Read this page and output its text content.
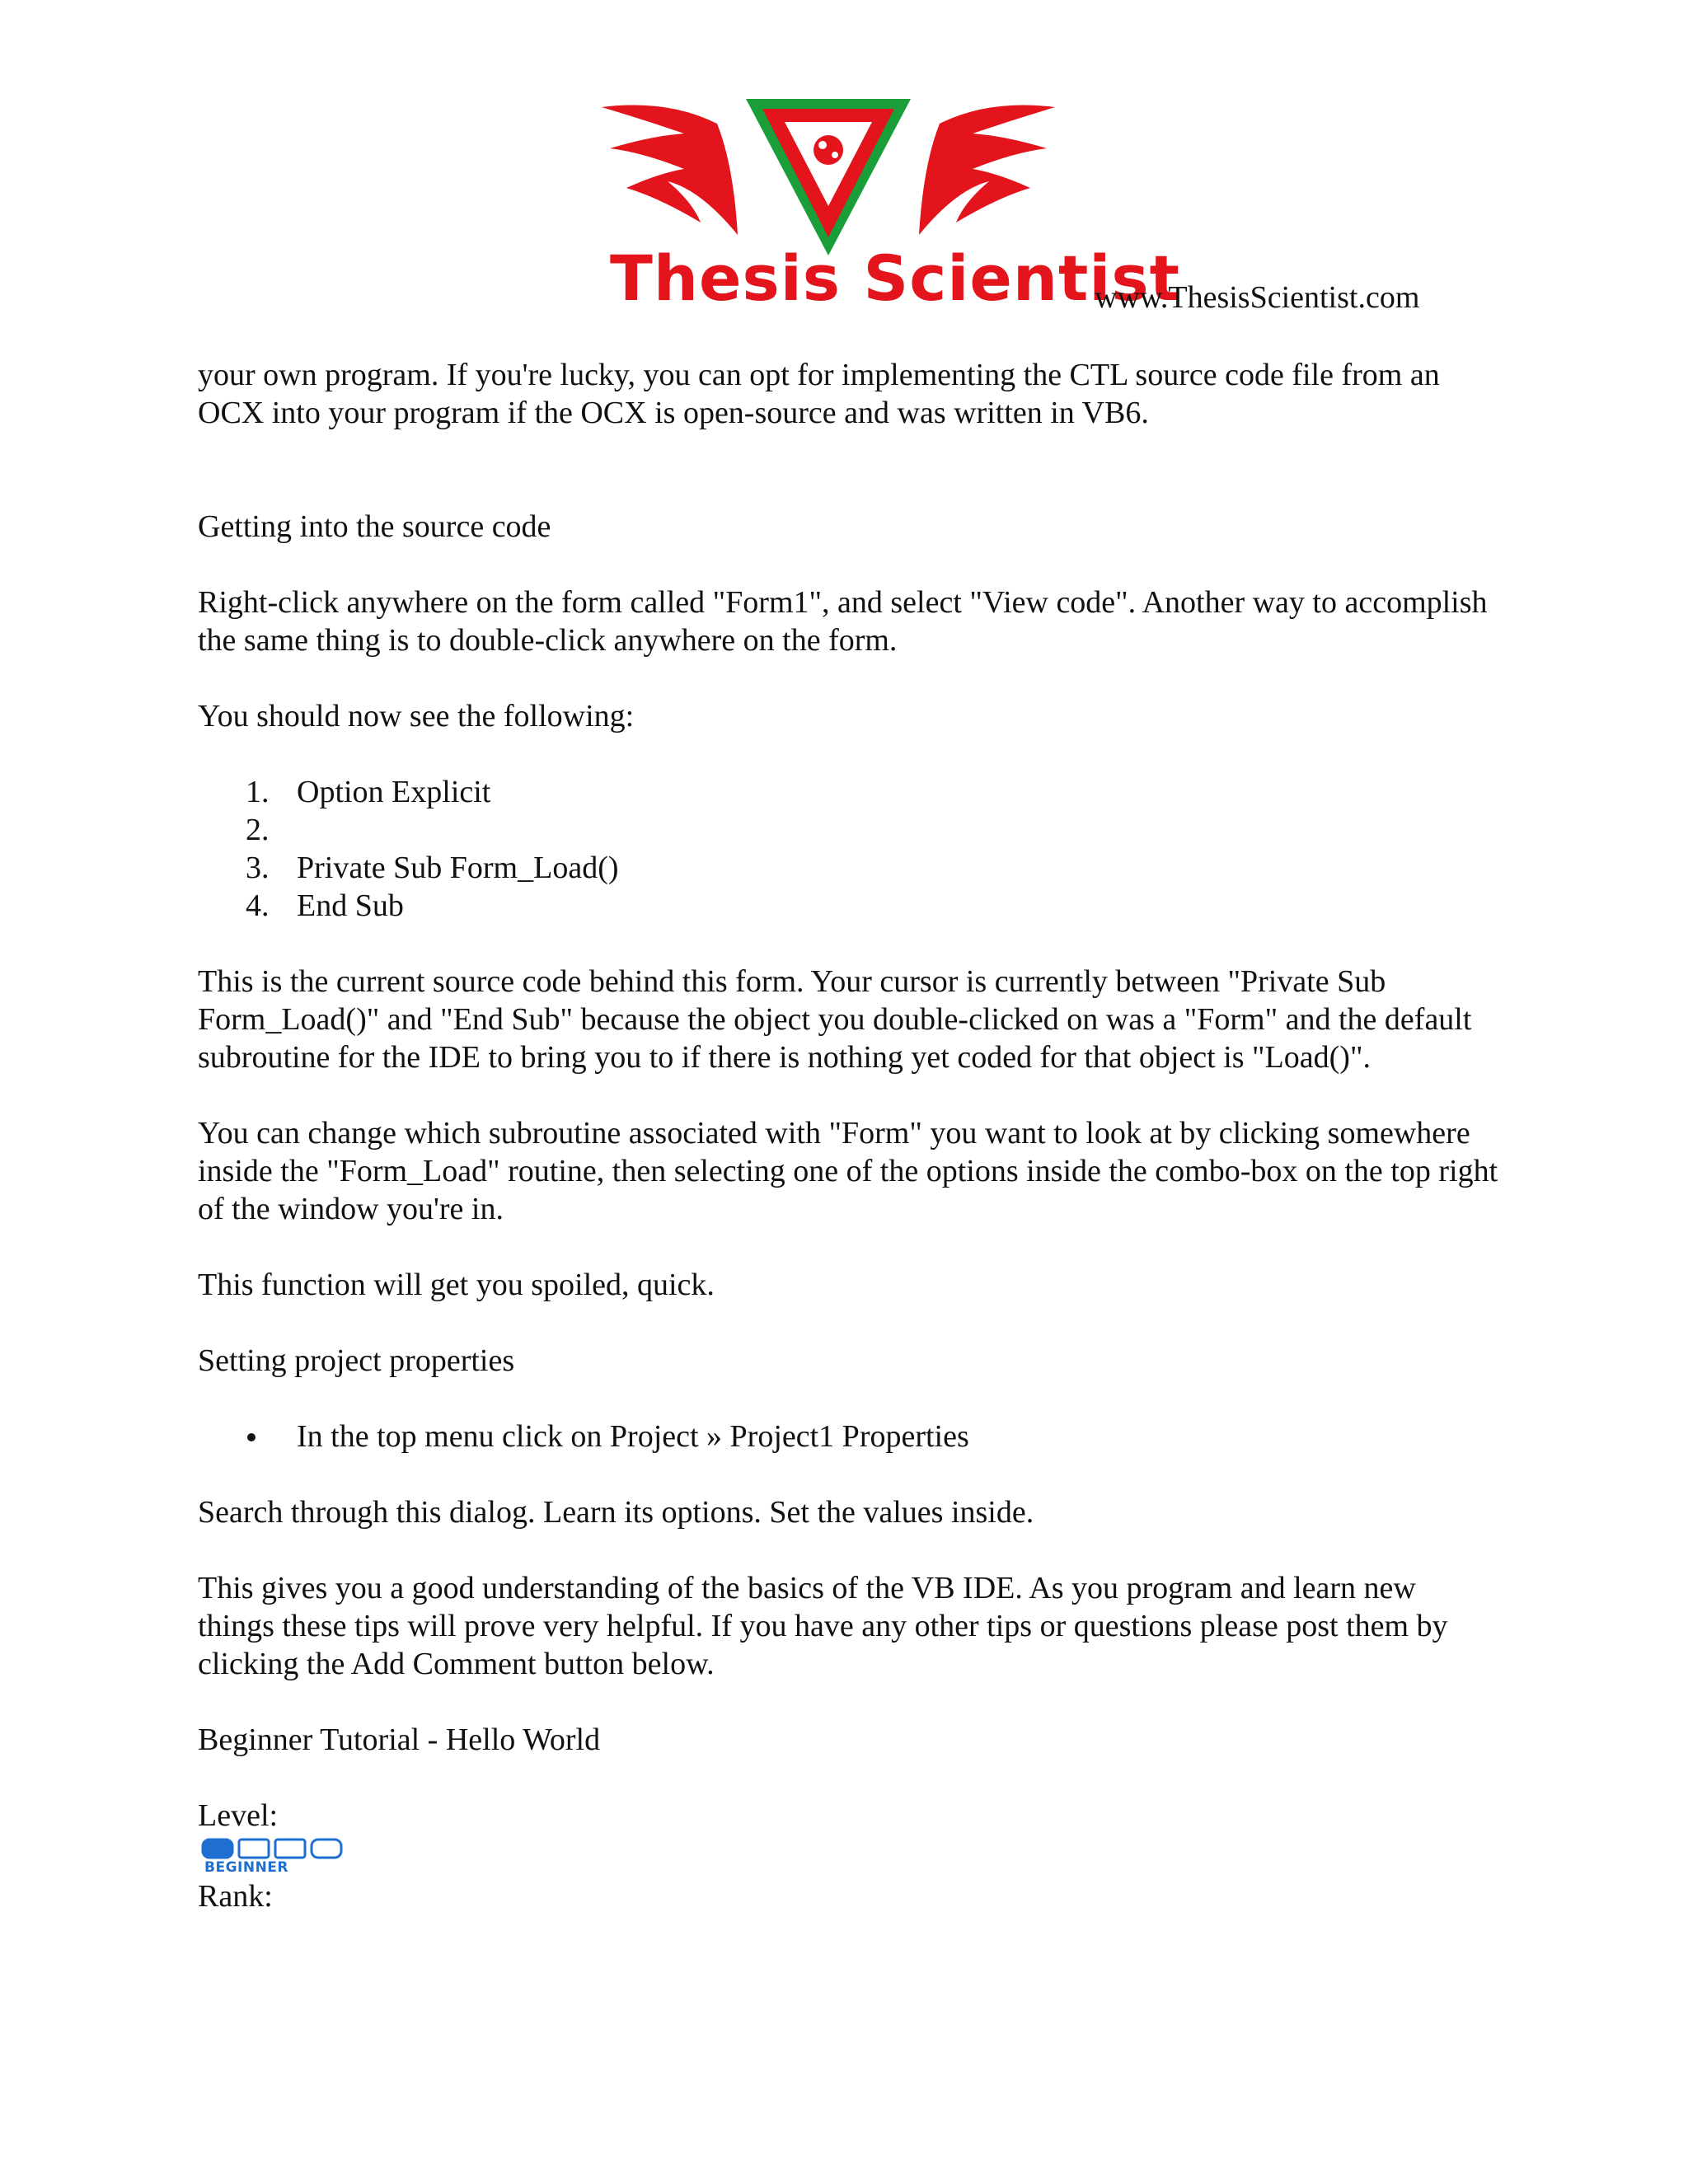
Thesis Scientist
www.ThesisScientist.com

your own program. If you're lucky, you can opt for implementing the CTL source code file from an OCX into your program if the OCX is open-source and was written in VB6.

Getting into the source code

Right-click anywhere on the form called "Form1", and select "View code". Another way to accomplish the same thing is to double-click anywhere on the form.

You should now see the following:

1. Option Explicit
2.
3. Private Sub Form_Load()
4. End Sub

This is the current source code behind this form. Your cursor is currently between "Private Sub Form_Load()" and "End Sub" because the object you double-clicked on was a "Form" and the default subroutine for the IDE to bring you to if there is nothing yet coded for that object is "Load()".

You can change which subroutine associated with "Form" you want to look at by clicking somewhere inside the "Form_Load" routine, then selecting one of the options inside the combo-box on the top right of the window you're in.

This function will get you spoiled, quick.

Setting project properties

In the top menu click on Project » Project1 Properties

Search through this dialog. Learn its options. Set the values inside.

This gives you a good understanding of the basics of the VB IDE. As you program and learn new things these tips will prove very helpful. If you have any other tips or questions please post them by clicking the Add Comment button below.

Beginner Tutorial - Hello World

Level:

BEGINNER

Rank:
